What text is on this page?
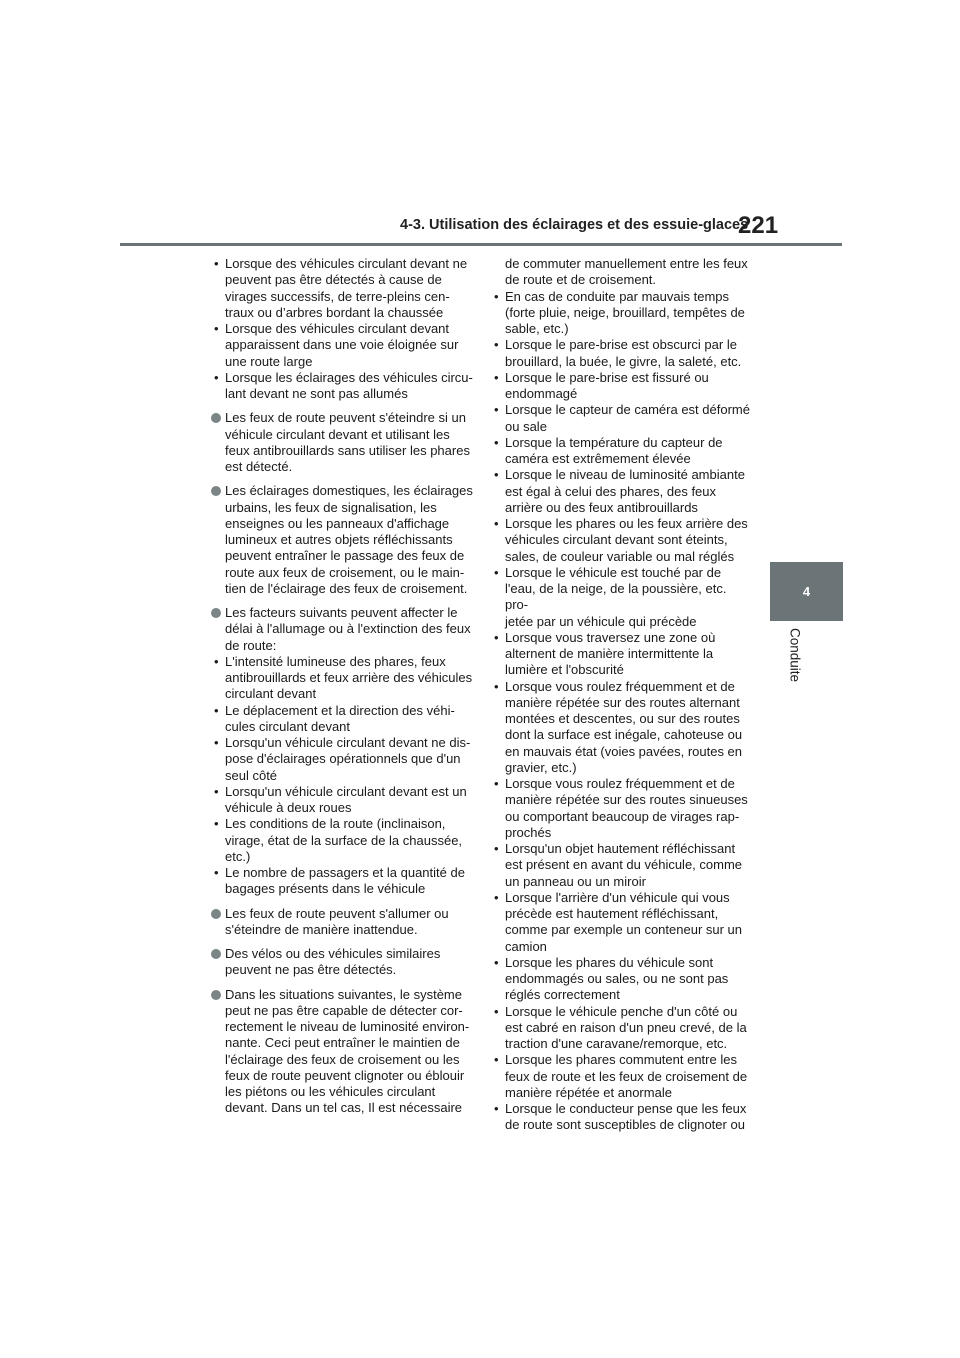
4-3. Utilisation des éclairages et des essuie-glaces
221
4
Conduite
• Lorsque des véhicules circulant devant ne
peuvent pas être détectés à cause de
virages successifs, de terre-pleins cen-
traux ou d’arbres bordant la chaussée
• Lorsque des véhicules circulant devant
apparaissent dans une voie éloignée sur
une route large
• Lorsque les éclairages des véhicules circu-
lant devant ne sont pas allumés
Les feux de route peuvent s'éteindre si un
véhicule circulant devant et utilisant les
feux antibrouillards sans utiliser les phares
est détecté.
Les éclairages domestiques, les éclairages
urbains, les feux de signalisation, les
enseignes ou les panneaux d'affichage
lumineux et autres objets réfléchissants
peuvent entraîner le passage des feux de
route aux feux de croisement, ou le main-
tien de l'éclairage des feux de croisement.
Les facteurs suivants peuvent affecter le
délai à l'allumage ou à l'extinction des feux
de route:
• L'intensité lumineuse des phares, feux
antibrouillards et feux arrière des véhicules
circulant devant
• Le déplacement et la direction des véhi-
cules circulant devant
• Lorsqu'un véhicule circulant devant ne dis-
pose d'éclairages opérationnels que d'un
seul côté
• Lorsqu'un véhicule circulant devant est un
véhicule à deux roues
• Les conditions de la route (inclinaison,
virage, état de la surface de la chaussée,
etc.)
• Le nombre de passagers et la quantité de
bagages présents dans le véhicule
Les feux de route peuvent s'allumer ou
s'éteindre de manière inattendue.
Des vélos ou des véhicules similaires
peuvent ne pas être détectés.
Dans les situations suivantes, le système
peut ne pas être capable de détecter cor-
rectement le niveau de luminosité environ-
nante. Ceci peut entraîner le maintien de
l'éclairage des feux de croisement ou les
feux de route peuvent clignoter ou éblouir
les piétons ou les véhicules circulant
devant. Dans un tel cas, Il est nécessaire
de commuter manuellement entre les feux
de route et de croisement.
• En cas de conduite par mauvais temps
(forte pluie, neige, brouillard, tempêtes de
sable, etc.)
• Lorsque le pare-brise est obscurci par le
brouillard, la buée, le givre, la saleté, etc.
• Lorsque le pare-brise est fissuré ou
endommagé
• Lorsque le capteur de caméra est déformé
ou sale
• Lorsque la température du capteur de
caméra est extrêmement élevée
• Lorsque le niveau de luminosité ambiante
est égal à celui des phares, des feux
arrière ou des feux antibrouillards
• Lorsque les phares ou les feux arrière des
véhicules circulant devant sont éteints,
sales, de couleur variable ou mal réglés
• Lorsque le véhicule est touché par de
l'eau, de la neige, de la poussière, etc. pro-
jetée par un véhicule qui précède
• Lorsque vous traversez une zone où
alternent de manière intermittente la
lumière et l'obscurité
• Lorsque vous roulez fréquemment et de
manière répétée sur des routes alternant
montées et descentes, ou sur des routes
dont la surface est inégale, cahoteuse ou
en mauvais état (voies pavées, routes en
gravier, etc.)
• Lorsque vous roulez fréquemment et de
manière répétée sur des routes sinueuses
ou comportant beaucoup de virages rap-
prochés
• Lorsqu'un objet hautement réfléchissant
est présent en avant du véhicule, comme
un panneau ou un miroir
• Lorsque l'arrière d'un véhicule qui vous
précède est hautement réfléchissant,
comme par exemple un conteneur sur un
camion
• Lorsque les phares du véhicule sont
endommagés ou sales, ou ne sont pas
réglés correctement
• Lorsque le véhicule penche d'un côté ou
est cabré en raison d'un pneu crevé, de la
traction d'une caravane/remorque, etc.
• Lorsque les phares commutent entre les
feux de route et les feux de croisement de
manière répétée et anormale
• Lorsque le conducteur pense que les feux
de route sont susceptibles de clignoter ou
